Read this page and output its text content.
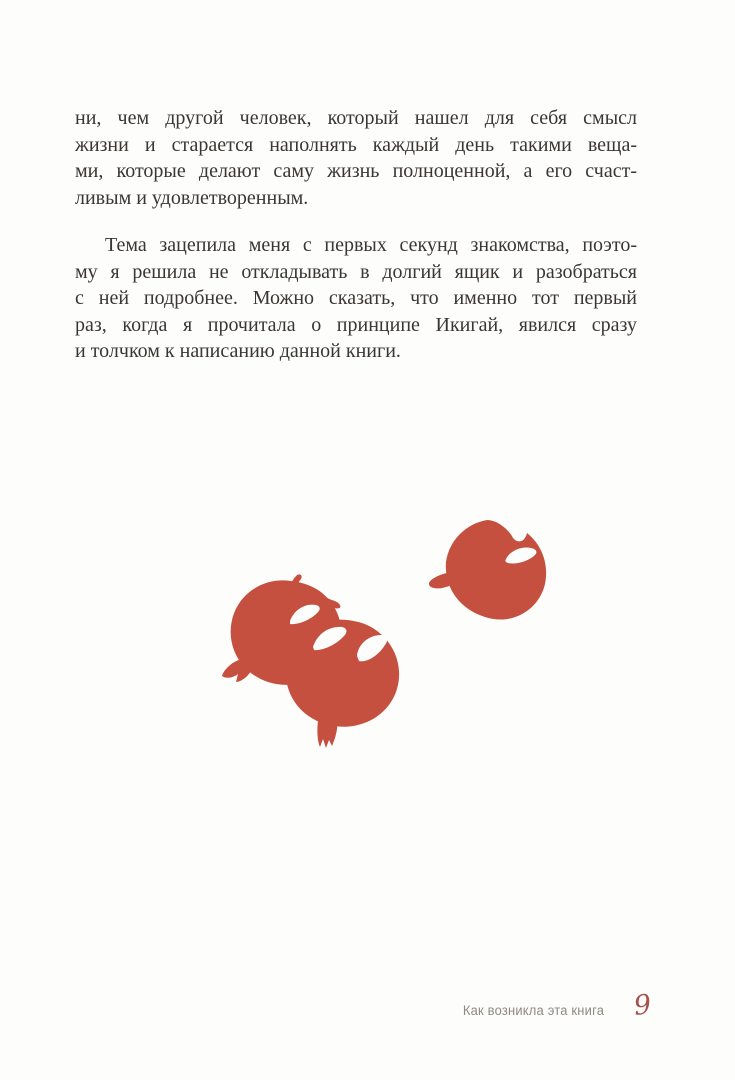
ни, чем другой человек, который нашел для себя смысл
жизни и старается наполнять каждый день такими веща-
ми, которые делают саму жизнь полноценной, а его счаст-
ливым и удовлетворенным.

Тема зацепила меня с первых секунд знакомства, поэто-
му я решила не откладывать в долгий ящик и разобраться
с ней подробнее. Можно сказать, что именно тот первый
раз, когда я прочитала о принципе Икигай, явился сразу
и толчком к написанию данной книги.

Как возникла эта книга 9
